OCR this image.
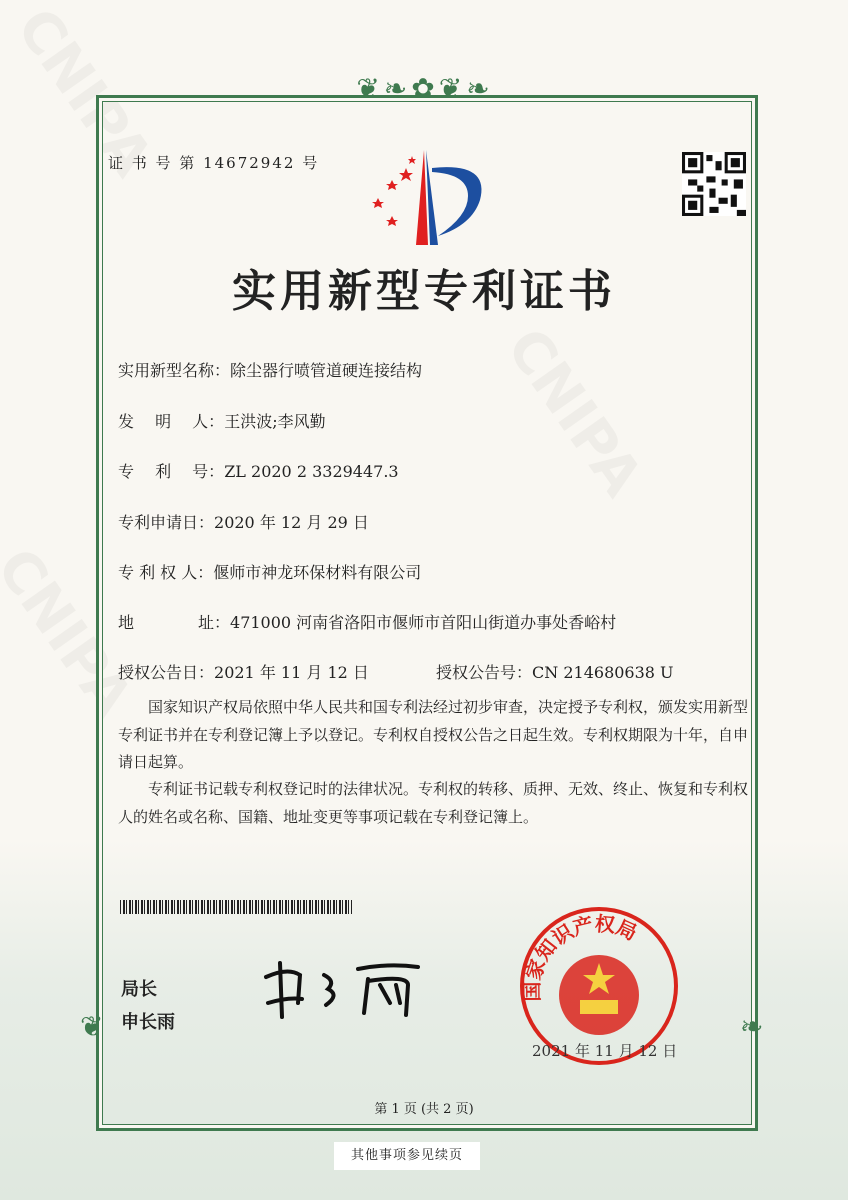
❦❧✿❦❧
❦	❧
证 书 号 第 14672942 号
实用新型专利证书
实用新型名称：除尘器行喷管道硬连接结构
发　 明　 人：王洪波;李风勤
专　 利　 号：ZL 2020 2 3329447.3
专利申请日：2020 年 12 月 29 日
专 利 权 人：偃师市神龙环保材料有限公司
地　　　　址：471000 河南省洛阳市偃师市首阳山街道办事处香峪村
授权公告日：2021 年 11 月 12 日	授权公告号：CN 214680638 U
国家知识产权局依照中华人民共和国专利法经过初步审查，决定授予专利权，颁发实用新型专利证书并在专利登记簿上予以登记。专利权自授权公告之日起生效。专利权期限为十年，自申请日起算。
专利证书记载专利权登记时的法律状况。专利权的转移、质押、无效、终止、恢复和专利权人的姓名或名称、国籍、地址变更等事项记载在专利登记簿上。
局长
申长雨
国家知识产权局
2021 年 11 月 12 日
第 1 页 (共 2 页)
其他事项参见续页
